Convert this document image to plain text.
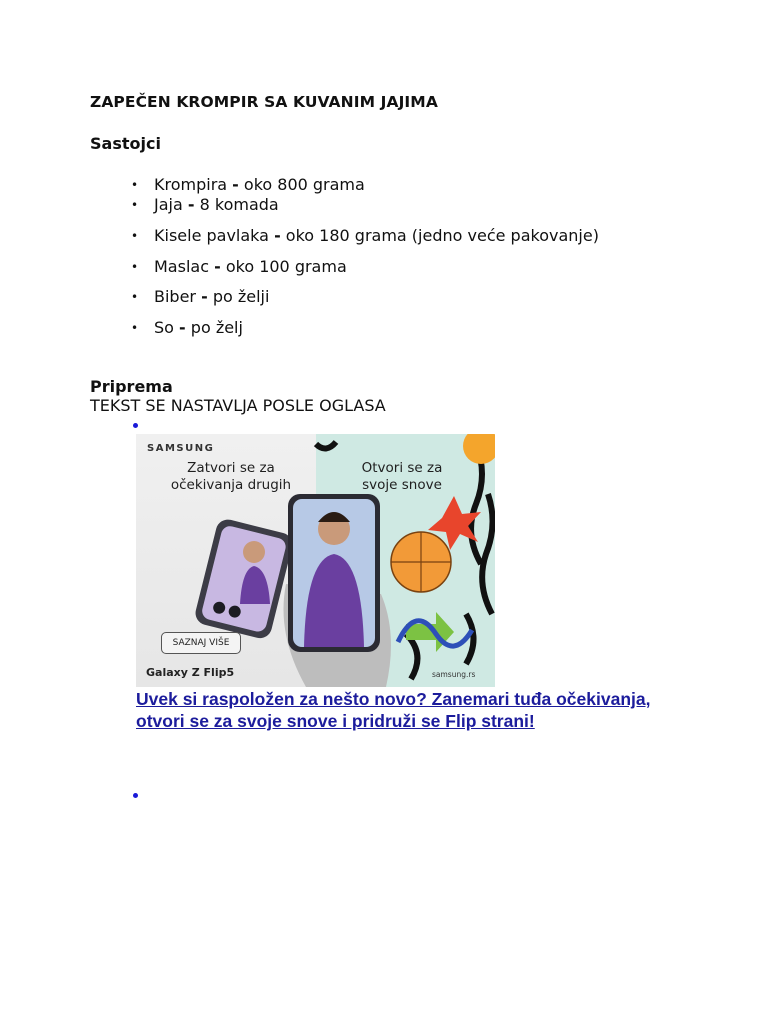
ZAPEČEN KROMPIR SA KUVANIM JAJIMA
Sastojci
• Krompira - oko 800 grama
• Jaja - 8 komada
• Kisele pavlaka - oko 180 grama (jedno veće pakovanje)
• Maslac - oko 100 grama
• Biber - po želji
• So - po želj
Priprema
TEKST SE NASTAVLJA POSLE OGLASA
SAMSUNG
Zatvori se za očekivanja drugih
Otvori se za svoje snove
SAZNAJ VIŠE
Galaxy Z Flip5	samsung.rs
Uvek si raspoložen za nešto novo? Zanemari tuđa očekivanja, otvori se za svoje snove i pridruži se Flip strani!
